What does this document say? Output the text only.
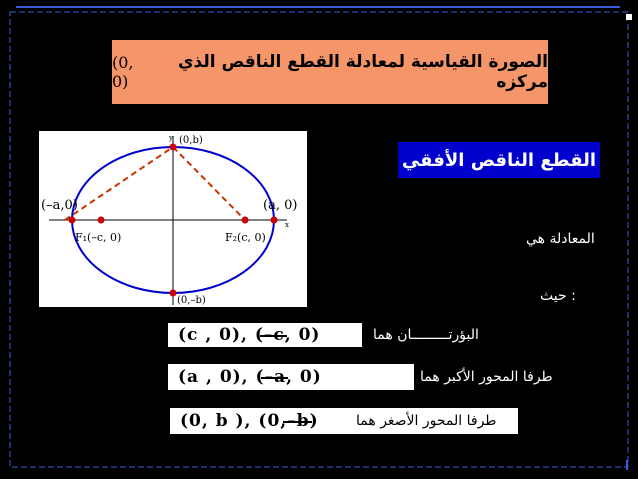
الصورة القياسية لمعادلة القطع الناقص الذي مركزه
(0, 0)
y
x
(0,b)
(0,–b)
(–a,0)	(a, 0)
F₁(–c, 0)	F₂(c, 0)
القطع الناقص الأفقي
المعادلة هي
: حيث
(c , 0), ( –c , 0)	البؤرتـــــــــان هما
(a , 0), ( –a , 0)	طرفا المحور الأكبر هما
(0, b ), (0, –b )	طرفا المحور الأصغر هما
